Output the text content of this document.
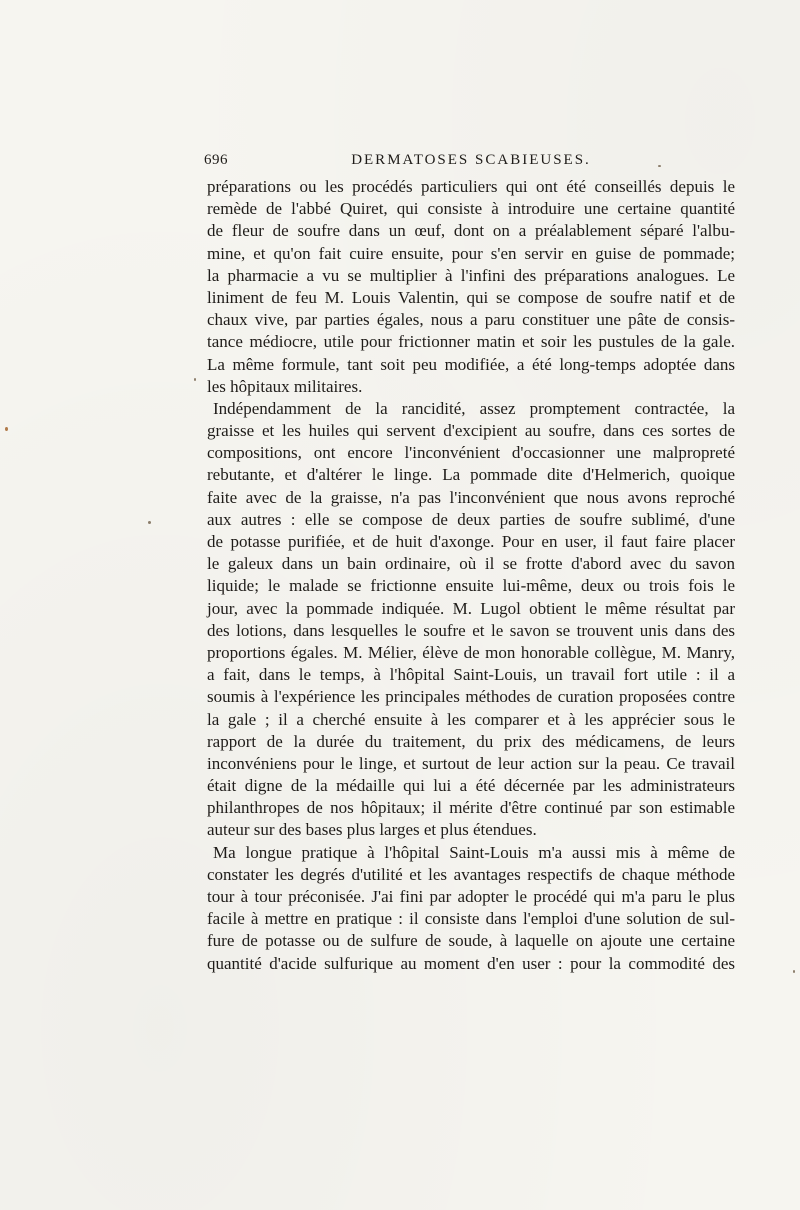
696	DERMATOSES SCABIEUSES.
préparations ou les procédés particuliers qui ont été conseillés depuis le
remède de l'abbé Quiret, qui consiste à introduire une certaine quantité
de fleur de soufre dans un œuf, dont on a préalablement séparé l'albu-
mine, et qu'on fait cuire ensuite, pour s'en servir en guise de pommade;
la pharmacie a vu se multiplier à l'infini des préparations analogues. Le
liniment de feu M. Louis Valentin, qui se compose de soufre natif et de
chaux vive, par parties égales, nous a paru constituer une pâte de consis-
tance médiocre, utile pour frictionner matin et soir les pustules de la gale.
La même formule, tant soit peu modifiée, a été long-temps adoptée dans
les hôpitaux militaires.
Indépendamment de la rancidité, assez promptement contractée, la
graisse et les huiles qui servent d'excipient au soufre, dans ces sortes de
compositions, ont encore l'inconvénient d'occasionner une malpropreté
rebutante, et d'altérer le linge. La pommade dite d'Helmerich, quoique
faite avec de la graisse, n'a pas l'inconvénient que nous avons reproché
aux autres : elle se compose de deux parties de soufre sublimé, d'une
de potasse purifiée, et de huit d'axonge. Pour en user, il faut faire placer
le galeux dans un bain ordinaire, où il se frotte d'abord avec du savon
liquide; le malade se frictionne ensuite lui-même, deux ou trois fois le
jour, avec la pommade indiquée. M. Lugol obtient le même résultat par
des lotions, dans lesquelles le soufre et le savon se trouvent unis dans des
proportions égales. M. Mélier, élève de mon honorable collègue, M. Manry,
a fait, dans le temps, à l'hôpital Saint-Louis, un travail fort utile : il a
soumis à l'expérience les principales méthodes de curation proposées contre
la gale ; il a cherché ensuite à les comparer et à les apprécier sous le
rapport de la durée du traitement, du prix des médicamens, de leurs
inconvéniens pour le linge, et surtout de leur action sur la peau. Ce travail
était digne de la médaille qui lui a été décernée par les administrateurs
philanthropes de nos hôpitaux; il mérite d'être continué par son estimable
auteur sur des bases plus larges et plus étendues.
Ma longue pratique à l'hôpital Saint-Louis m'a aussi mis à même de
constater les degrés d'utilité et les avantages respectifs de chaque méthode
tour à tour préconisée. J'ai fini par adopter le procédé qui m'a paru le plus
facile à mettre en pratique : il consiste dans l'emploi d'une solution de sul-
fure de potasse ou de sulfure de soude, à laquelle on ajoute une certaine
quantité d'acide sulfurique au moment d'en user : pour la commodité des
